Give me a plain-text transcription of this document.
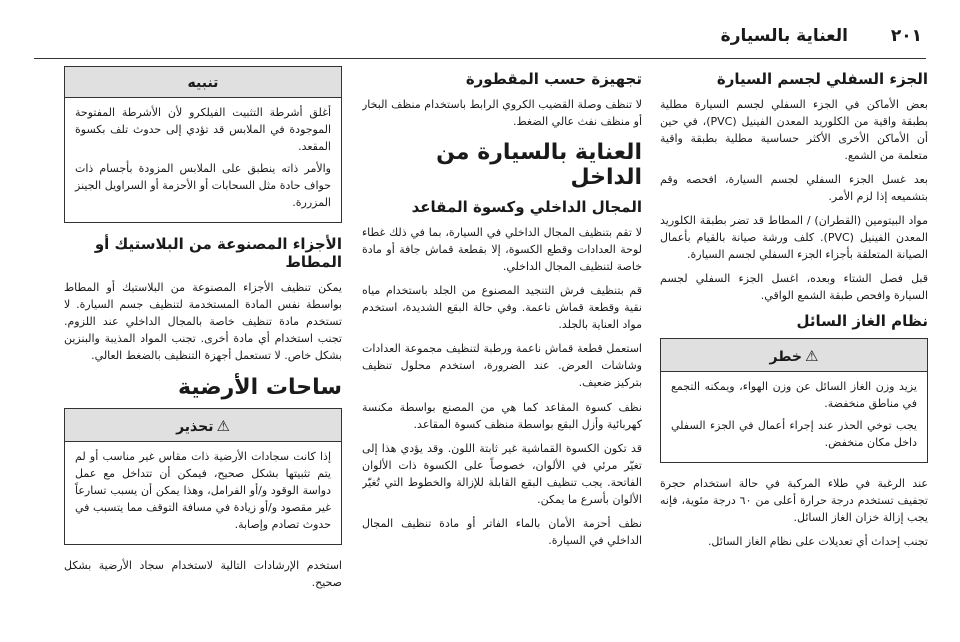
٢٠١
العناية بالسيارة
الجزء السفلي لجسم السيارة

بعض الأماكن في الجزء السفلي لجسم السيارة مطلية بطبقة واقية من الكلوريد المعدن الفينيل (PVC)، في حين أن الأماكن الأخرى الأكثر حساسية مطلية بطبقة واقية متعلمة من الشمع.

بعد غسل الجزء السفلي لجسم السيارة، افحصه وقم بتشميعه إذا لزم الأمر.

مواد البيتومين (القطران) / المطاط قد تضر بطبقة الكلوريد المعدن الفينيل (PVC). كلف ورشة صيانة بالقيام بأعمال الصيانة المتعلقة بأجزاء الجزء السفلي لجسم السيارة.

قبل فصل الشتاء وبعده، اغسل الجزء السفلي لجسم السيارة وافحص طبقة الشمع الواقي.

نظام الغاز السائل
⚠خطر

يزيد وزن الغاز السائل عن وزن الهواء، ويمكنه التجمع في مناطق منخفضة.

يجب توخي الحذر عند إجراء أعمال في الجزء السفلي داخل مكان منخفض.

عند الرغبة في طلاء المركبة في حالة استخدام حجرة تجفيف تستخدم درجة حرارة أعلى من ٦٠ درجة مئوية، فإنه يجب إزالة خزان الغاز السائل.

تجنب إحداث أي تعديلات على نظام الغاز السائل.

تجهيزة حسب المقطورة

لا تنظف وصلة القضيب الكروي الرابط باستخدام منظف البخار أو منظف نفث عالي الضغط.

العناية بالسيارة من الداخل
المجال الداخلي وكسوة المقاعد

لا تقم بتنظيف المجال الداخلي في السيارة، بما في ذلك غطاء لوحة العدادات وقطع الكسوة، إلا بقطعة قماش جافة أو مادة خاصة لتنظيف المجال الداخلي.

قم بتنظيف فرش التنجيد المصنوع من الجلد باستخدام مياه نقية وقطعة قماش ناعمة. وفي حالة البقع الشديدة، استخدم مواد العناية بالجلد.

استعمل قطعة قماش ناعمة ورطبة لتنظيف مجموعة العدادات وشاشات العرض. عند الضرورة، استخدم محلول تنظيف بتركيز ضعيف.

نظف كسوة المقاعد كما هي من المصنع بواسطة مكنسة كهربائية وأزل البقع بواسطة منظف كسوة المقاعد.

قد تكون الكسوة القماشية غير ثابتة اللون. وقد يؤدي هذا إلى تغيّر مرئي في الألوان، خصوصاً على الكسوة ذات الألوان الفاتحة. يجب تنظيف البقع القابلة للإزالة والخطوط التي تُغيّر الألوان بأسرع ما يمكن.

نظف أحزمة الأمان بالماء الفاتر أو مادة تنظيف المجال الداخلي في السيارة.

تنبيه

أغلق أشرطة التثبيت الفيلكرو لأن الأشرطة المفتوحة الموجودة في الملابس قد تؤدي إلى حدوث تلف بكسوة المقعد.

والأمر ذاته ينطبق على الملابس المزودة بأجسام ذات حواف حادة مثل السحابات أو الأحزمة أو السراويل الجينز المزررة.

الأجزاء المصنوعة من البلاستيك أو المطاط

يمكن تنظيف الأجزاء المصنوعة من البلاستيك أو المطاط بواسطة نفس المادة المستخدمة لتنظيف جسم السيارة. لا تستخدم مادة تنظيف خاصة بالمجال الداخلي عند اللزوم. تجنب استخدام أي مادة أخرى. تجنب المواد المذيبة والبنزين بشكل خاص. لا تستعمل أجهزة التنظيف بالضغط العالي.

ساحات الأرضية
⚠تحذير

إذا كانت سجادات الأرضية ذات مقاس غير مناسب أو لم يتم تثبيتها بشكل صحيح، فيمكن أن تتداخل مع عمل دواسة الوقود و/أو الفرامل، وهذا يمكن أن يسبب تسارعاً غير مقصود و/أو زيادة في مسافة التوقف مما يتسبب في حدوث تصادم وإصابة.

استخدم الإرشادات التالية لاستخدام سجاد الأرضية بشكل صحيح.
